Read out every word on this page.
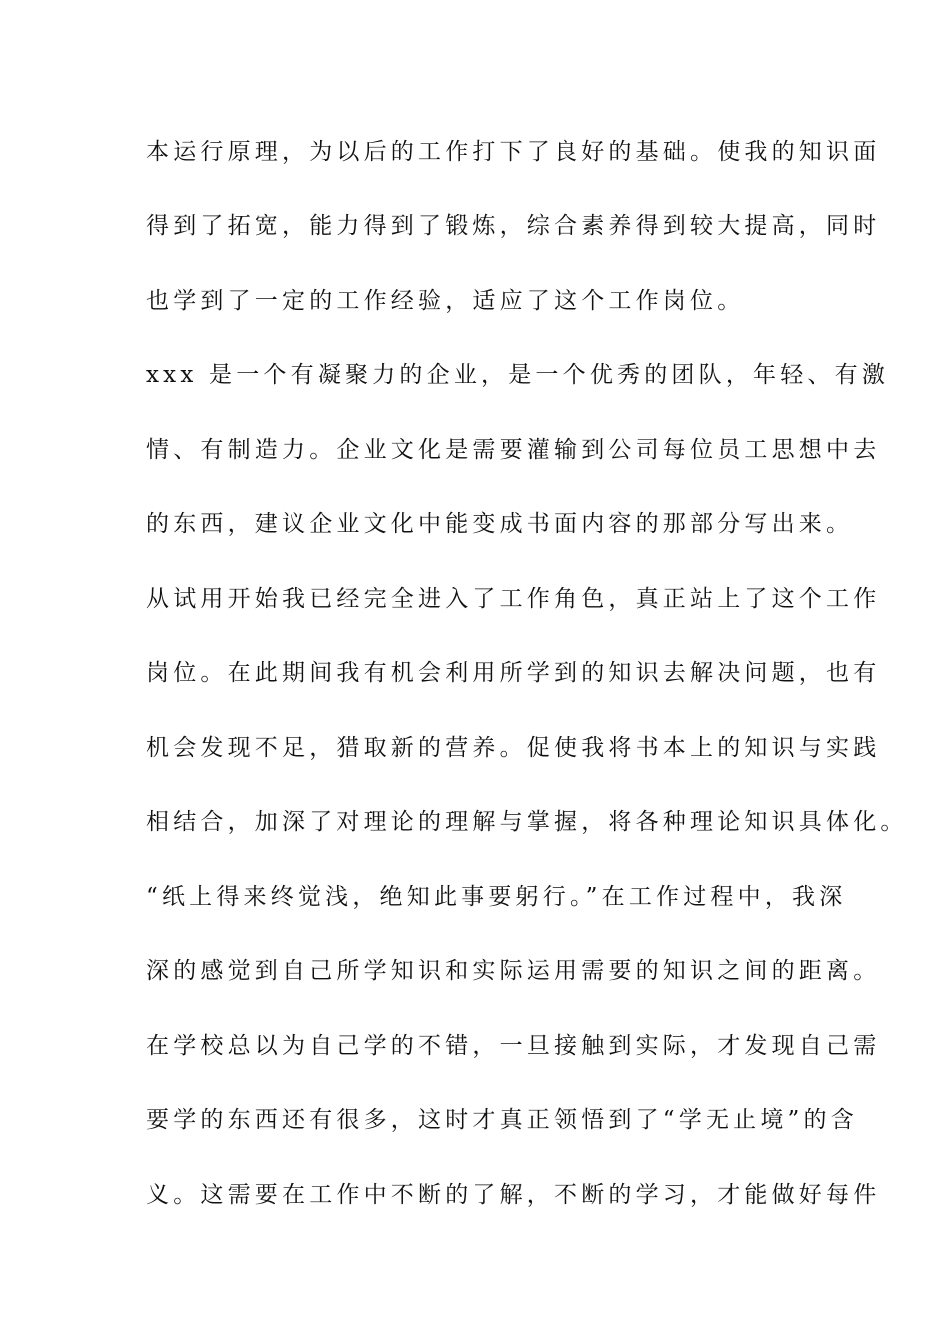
本运行原理，为以后的工作打下了良好的基础。使我的知识面
得到了拓宽，能力得到了锻炼，综合素养得到较大提高，同时
也学到了一定的工作经验，适应了这个工作岗位。
xxx 是一个有凝聚力的企业，是一个优秀的团队，年轻、有激
情、有制造力。企业文化是需要灌输到公司每位员工思想中去
的东西，建议企业文化中能变成书面内容的那部分写出来。
从试用开始我已经完全进入了工作角色，真正站上了这个工作
岗位。在此期间我有机会利用所学到的知识去解决问题，也有
机会发现不足，猎取新的营养。促使我将书本上的知识与实践
相结合，加深了对理论的理解与掌握，将各种理论知识具体化。
“纸上得来终觉浅，绝知此事要躬行。”在工作过程中，我深
深的感觉到自己所学知识和实际运用需要的知识之间的距离。
在学校总以为自己学的不错，一旦接触到实际，才发现自己需
要学的东西还有很多，这时才真正领悟到了“学无止境”的含
义。这需要在工作中不断的了解，不断的学习，才能做好每件
